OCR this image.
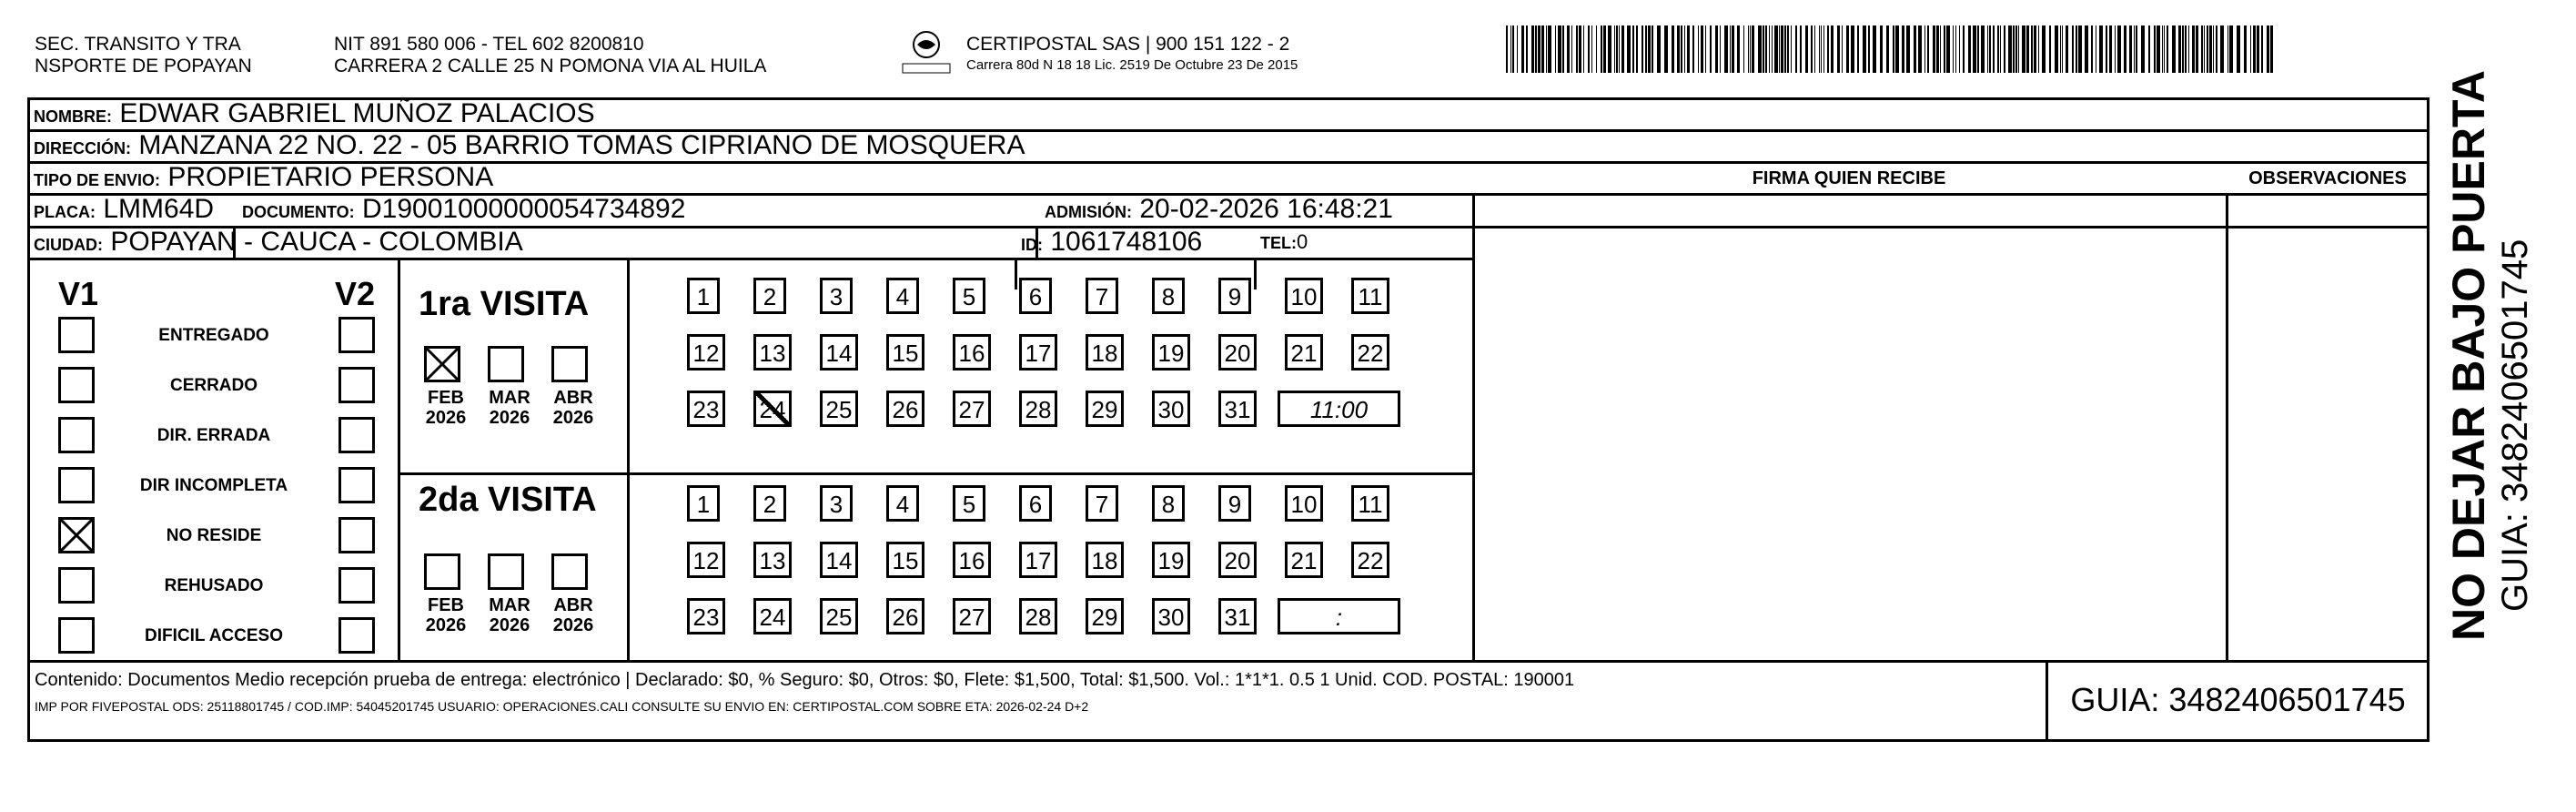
SEC. TRANSITO Y TRA
NSPORTE DE POPAYAN
NIT 891 580 006 - TEL 602 8200810
CARRERA 2 CALLE 25 N POMONA VIA AL HUILA
CERTIPOSTAL SAS | 900 151 122 - 2
Carrera 80d N 18 18 Lic. 2519 De Octubre 23 De 2015
NOMBRE: EDWAR GABRIEL MUÑOZ PALACIOS
DIRECCIÓN: MANZANA 22 NO. 22 - 05 BARRIO TOMAS CIPRIANO DE MOSQUERA
TIPO DE ENVIO: PROPIETARIO PERSONA	FIRMA QUIEN RECIBE	OBSERVACIONES
PLACA: LMM64D DOCUMENTO: D19001000000054734892	ADMISIÓN: 20-02-2026 16:48:21
CIUDAD: POPAYAN - CAUCA - COLOMBIA	ID: 1061748106	TEL:0
V1	V2
ENTREGADO
CERRADO
DIR. ERRADA
DIR INCOMPLETA
NO RESIDE
REHUSADO
DIFICIL ACCESO
1ra VISITA
2da VISITA
FEB
2026
MAR
2026
ABR
2026
1	2	3	4	5	6	7	8	9	10 11
12 13 14 15 16 17 18 19 20 21 22
23 24 25 26 27 28 29 30 31	11:00
FEB
2026
MAR
2026
ABR
2026
1	2	3	4	5	6	7	8	9	10 11
12 13 14 15 16 17 18 19 20 21 22
23 24 25 26 27 28 29 30 31	:
Contenido: Documentos Medio recepción prueba de entrega: electrónico | Declarado: $0, % Seguro: $0, Otros: $0, Flete: $1,500, Total: $1,500. Vol.: 1*1*1. 0.5 1 Unid. COD. POSTAL: 190001
IMP POR FIVEPOSTAL ODS: 25118801745 / COD.IMP: 54045201745 USUARIO: OPERACIONES.CALI CONSULTE SU ENVIO EN: CERTIPOSTAL.COM SOBRE ETA: 2026-02-24 D+2	GUIA: 3482406501745
NO DEJAR BAJO PUERTA GUIA: 3482406501745
